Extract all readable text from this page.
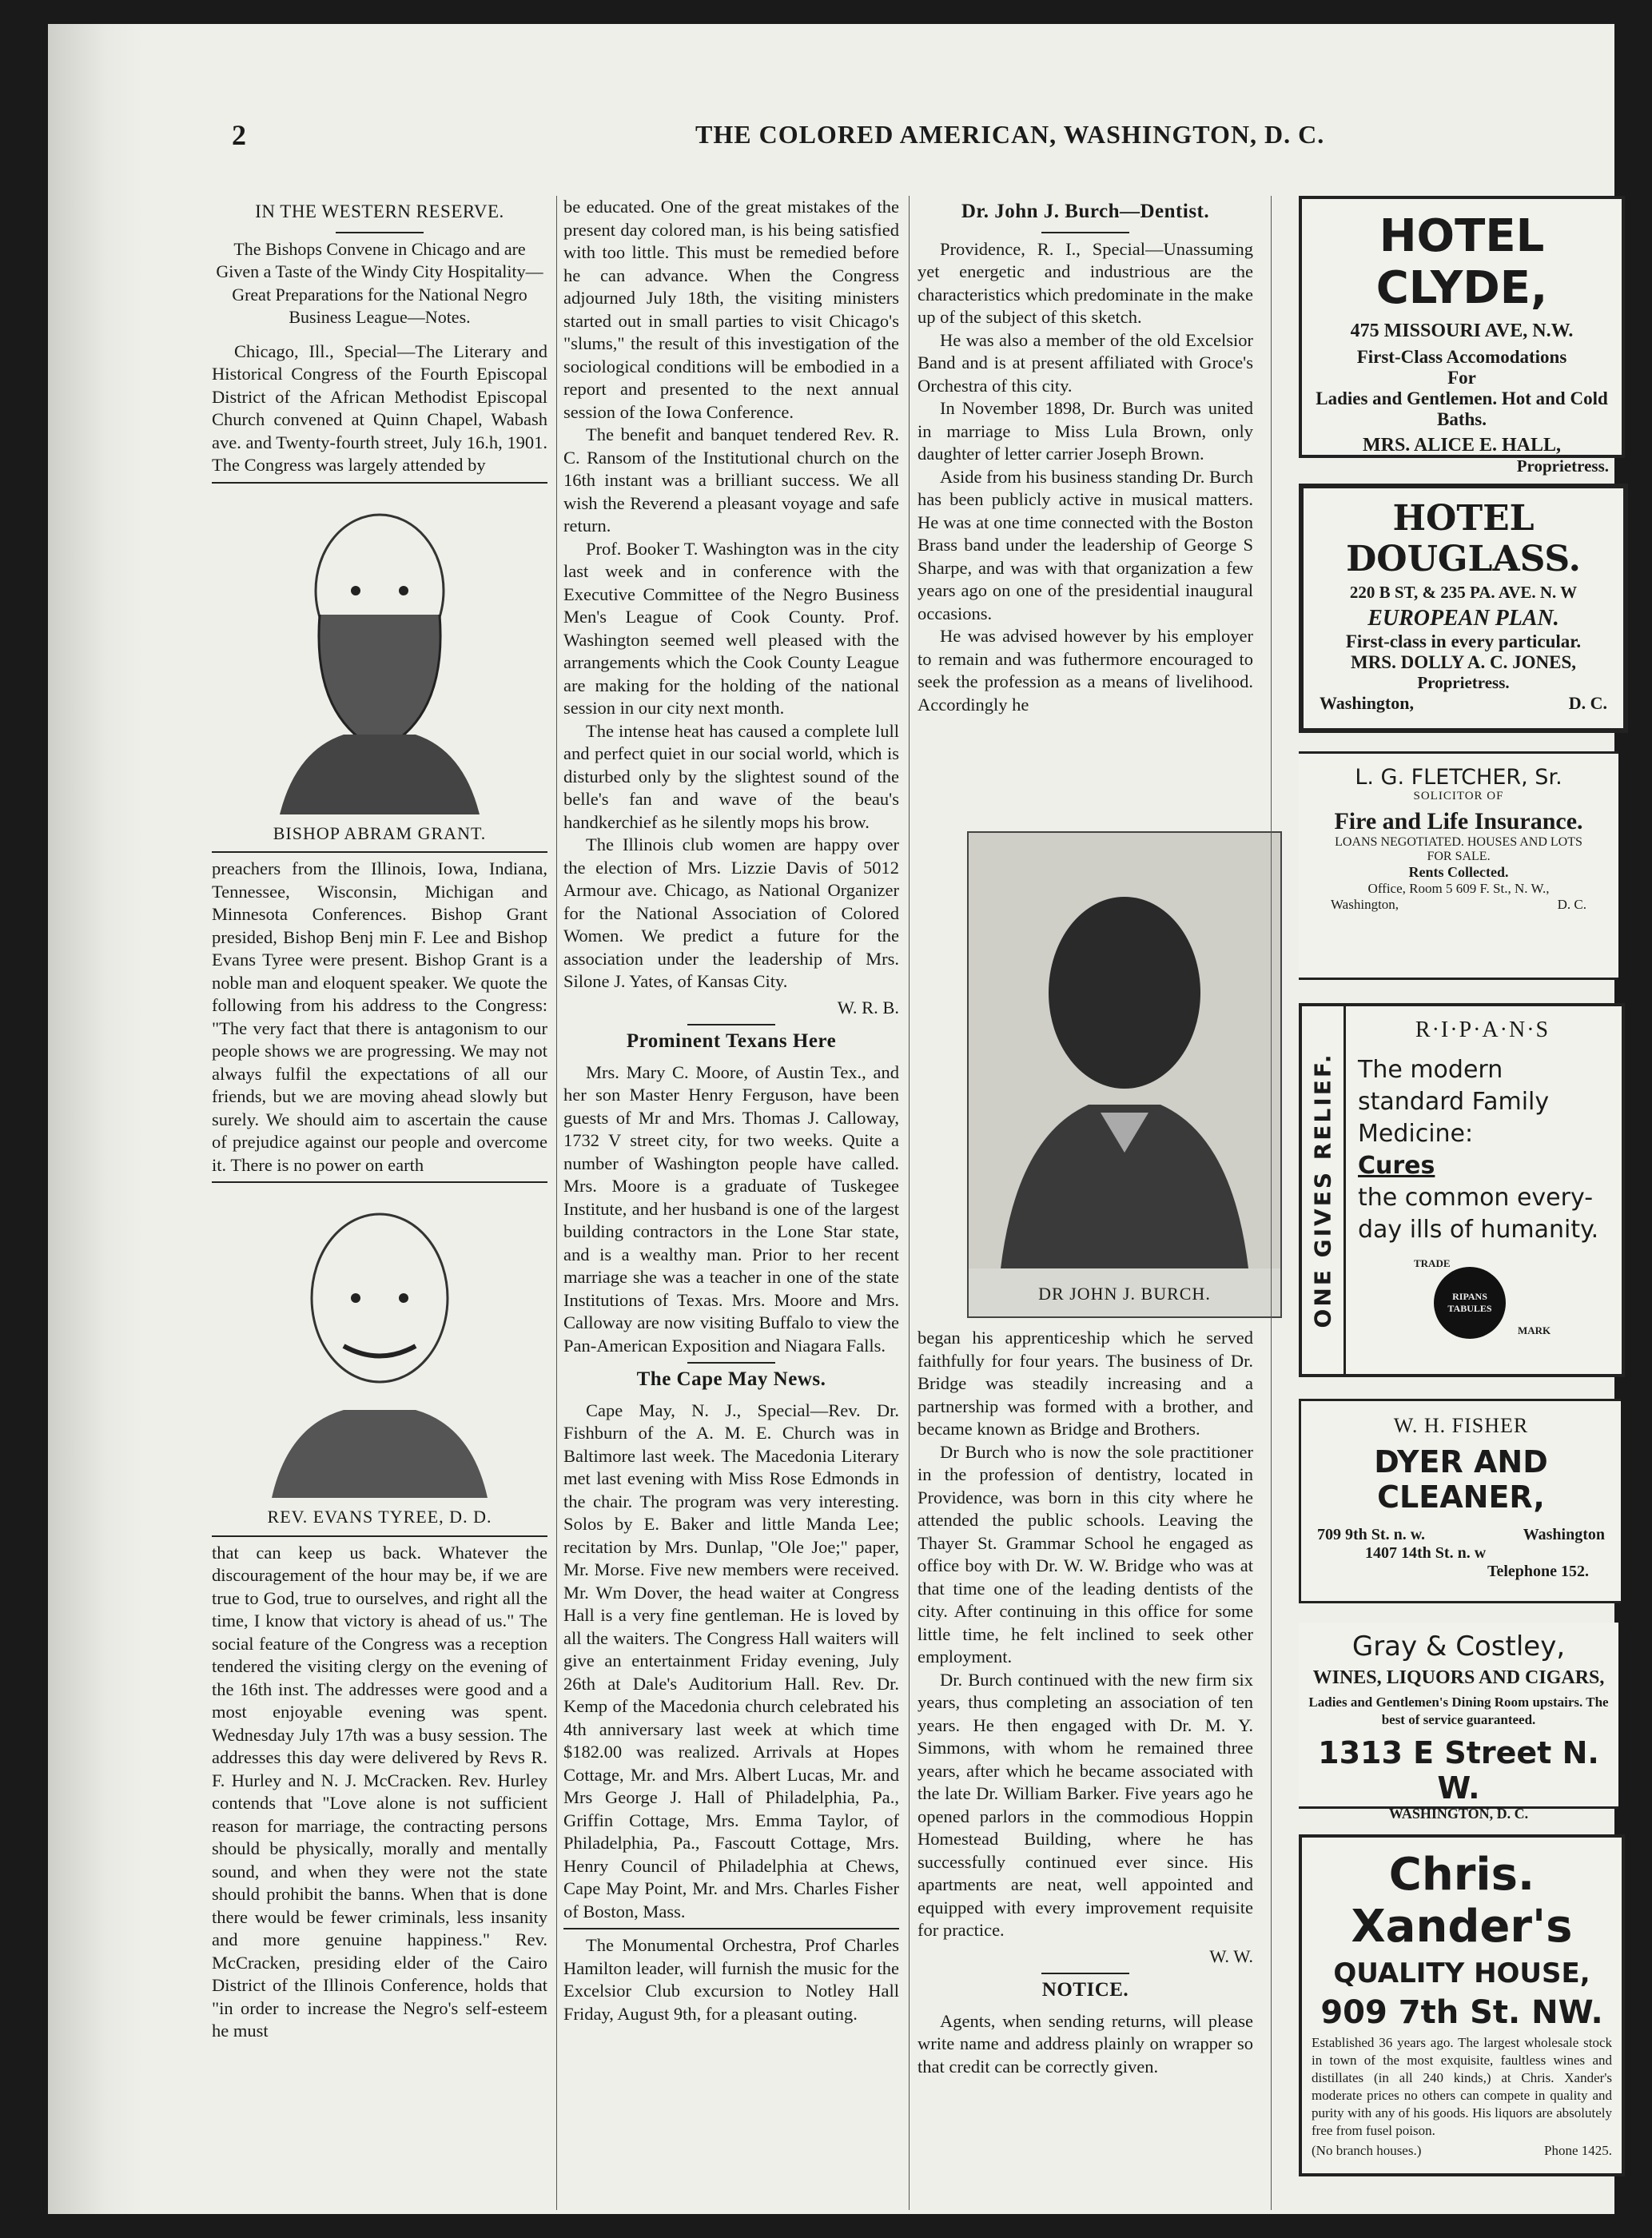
2	THE COLORED AMERICAN, WASHINGTON, D. C.
IN THE WESTERN RESERVE.
The Bishops Convene in Chicago and are Given a Taste of the Windy City Hospitality—Great Preparations for the National Negro Business League—Notes.

Chicago, Ill., Special—The Literary and Historical Congress of the Fourth Episcopal District of the African Methodist Episcopal Church convened at Quinn Chapel, Wabash ave. and Twenty-fourth street, July 16.h, 1901. The Congress was largely attended by

BISHOP ABRAM GRANT.

preachers from the Illinois, Iowa, Indiana, Tennessee, Wisconsin, Michigan and Minnesota Conferences. Bishop Grant presided, Bishop Benj min F. Lee and Bishop Evans Tyree were present. Bishop Grant is a noble man and eloquent speaker. We quote the following from his address to the Congress: "The very fact that there is antagonism to our people shows we are progressing. We may not always fulfil the expectations of all our friends, but we are moving ahead slowly but surely. We should aim to ascertain the cause of prejudice against our people and overcome it. There is no power on earth

REV. EVANS TYREE, D. D.

that can keep us back. Whatever the discouragement of the hour may be, if we are true to God, true to ourselves, and right all the time, I know that victory is ahead of us." The social feature of the Congress was a reception tendered the visiting clergy on the evening of the 16th inst. The addresses were good and a most enjoyable evening was spent. Wednesday July 17th was a busy session. The addresses this day were delivered by Revs R. F. Hurley and N. J. McCracken. Rev. Hurley contends that "Love alone is not sufficient reason for marriage, the contracting persons should be physically, morally and mentally sound, and when they were not the state should prohibit the banns. When that is done there would be fewer criminals, less insanity and more genuine happiness." Rev. McCracken, presiding elder of the Cairo District of the Illinois Conference, holds that "in order to increase the Negro's self-esteem he must

be educated. One of the great mistakes of the present day colored man, is his being satisfied with too little. This must be remedied before he can advance. When the Congress adjourned July 18th, the visiting ministers started out in small parties to visit Chicago's "slums," the result of this investigation of the sociological conditions will be embodied in a report and presented to the next annual session of the Iowa Conference.

The benefit and banquet tendered Rev. R. C. Ransom of the Institutional church on the 16th instant was a brilliant success. We all wish the Reverend a pleasant voyage and safe return.

Prof. Booker T. Washington was in the city last week and in conference with the Executive Committee of the Negro Business Men's League of Cook County. Prof. Washington seemed well pleased with the arrangements which the Cook County League are making for the holding of the national session in our city next month.

The intense heat has caused a complete lull and perfect quiet in our social world, which is disturbed only by the slightest sound of the belle's fan and wave of the beau's handkerchief as he silently mops his brow.

The Illinois club women are happy over the election of Mrs. Lizzie Davis of 5012 Armour ave. Chicago, as National Organizer for the National Association of Colored Women. We predict a future for the association under the leadership of Mrs. Silone J. Yates, of Kansas City.

W. R. B.
Prominent Texans Here

Mrs. Mary C. Moore, of Austin Tex., and her son Master Henry Ferguson, have been guests of Mr and Mrs. Thomas J. Calloway, 1732 V street city, for two weeks. Quite a number of Washington people have called. Mrs. Moore is a graduate of Tuskegee Institute, and her husband is one of the largest building contractors in the Lone Star state, and is a wealthy man. Prior to her recent marriage she was a teacher in one of the state Institutions of Texas. Mrs. Moore and Mrs. Calloway are now visiting Buffalo to view the Pan-American Exposition and Niagara Falls.

The Cape May News.

Cape May, N. J., Special—Rev. Dr. Fishburn of the A. M. E. Church was in Baltimore last week. The Macedonia Literary met last evening with Miss Rose Edmonds in the chair. The program was very interesting. Solos by E. Baker and little Manda Lee; recitation by Mrs. Dunlap, "Ole Joe;" paper, Mr. Morse. Five new members were received. Mr. Wm Dover, the head waiter at Congress Hall is a very fine gentleman. He is loved by all the waiters. The Congress Hall waiters will give an entertainment Friday evening, July 26th at Dale's Auditorium Hall. Rev. Dr. Kemp of the Macedonia church celebrated his 4th anniversary last week at which time $182.00 was realized. Arrivals at Hopes Cottage, Mr. and Mrs. Albert Lucas, Mr. and Mrs George J. Hall of Philadelphia, Pa., Griffin Cottage, Mrs. Emma Taylor, of Philadelphia, Pa., Fascoutt Cottage, Mrs. Henry Council of Philadelphia at Chews, Cape May Point, Mr. and Mrs. Charles Fisher of Boston, Mass.

The Monumental Orchestra, Prof Charles Hamilton leader, will furnish the music for the Excelsior Club excursion to Notley Hall Friday, August 9th, for a pleasant outing.

Dr. John J. Burch—Dentist.

Providence, R. I., Special—Unassuming yet energetic and industrious are the characteristics which predominate in the make up of the subject of this sketch.

He was also a member of the old Excelsior Band and is at present affiliated with Groce's Orchestra of this city.

In November 1898, Dr. Burch was united in marriage to Miss Lula Brown, only daughter of letter carrier Joseph Brown.

Aside from his business standing Dr. Burch has been publicly active in musical matters. He was at one time connected with the Boston Brass band under the leadership of George S Sharpe, and was with that organization a few years ago on one of the presidential inaugural occasions.

He was advised however by his employer to remain and was futhermore encouraged to seek the profession as a means of livelihood. Accordingly he

DR JOHN J. BURCH.

began his apprenticeship which he served faithfully for four years. The business of Dr. Bridge was steadily increasing and a partnership was formed with a brother, and became known as Bridge and Brothers.

Dr Burch who is now the sole practitioner in the profession of dentistry, located in Providence, was born in this city where he attended the public schools. Leaving the Thayer St. Grammar School he engaged as office boy with Dr. W. W. Bridge who was at that time one of the leading dentists of the city. After continuing in this office for some little time, he felt inclined to seek other employment.

Dr. Burch continued with the new firm six years, thus completing an association of ten years. He then engaged with Dr. M. Y. Simmons, with whom he remained three years, after which he became associated with the late Dr. William Barker. Five years ago he opened parlors in the commodious Hoppin Homestead Building, where he has successfully continued ever since. His apartments are neat, well appointed and equipped with every improvement requisite for practice.

W. W.
NOTICE.

Agents, when sending returns, will please write name and address plainly on wrapper so that credit can be correctly given.

HOTEL CLYDE,
475 MISSOURI AVE, N.W.
First-Class Accomodations
For
Ladies and Gentlemen. Hot and Cold Baths.
MRS. ALICE E. HALL,
Proprietress.
HOTEL DOUGLASS.
220 B ST, & 235 PA. AVE. N. W
EUROPEAN PLAN.
First-class in every particular.
MRS. DOLLY A. C. JONES,
Proprietress.
Washington,	D. C.
L. G. FLETCHER, Sr.
SOLICITOR OF
Fire and Life Insurance.
LOANS NEGOTIATED. HOUSES AND LOTS FOR SALE.
Rents Collected.
Office, Room 5 609 F. St., N. W.,
Washington,	D. C.
ONE GIVES RELIEF.
R·I·P·A·N·S
The modern standard Family Medicine:
Cures
the common every-day ills of humanity.
TRADE
RIPANS TABULES
MARK
W. H. FISHER
DYER AND CLEANER,
709 9th St. n. w.	Washington
1407 14th St. n. w
Telephone 152.
Gray & Costley,
WINES, LIQUORS AND CIGARS,
Ladies and Gentlemen's Dining Room upstairs. The best of service guaranteed.
1313 E Street N. W.
WASHINGTON, D. C.
Chris. Xander's
QUALITY HOUSE,
909 7th St. NW.
Established 36 years ago. The largest wholesale stock in town of the most exquisite, faultless wines and distillates (in all 240 kinds,) at Chris. Xander's moderate prices no others can compete in quality and purity with any of his goods. His liquors are absolutely free from fusel poison.
(No branch houses.)	Phone 1425.
